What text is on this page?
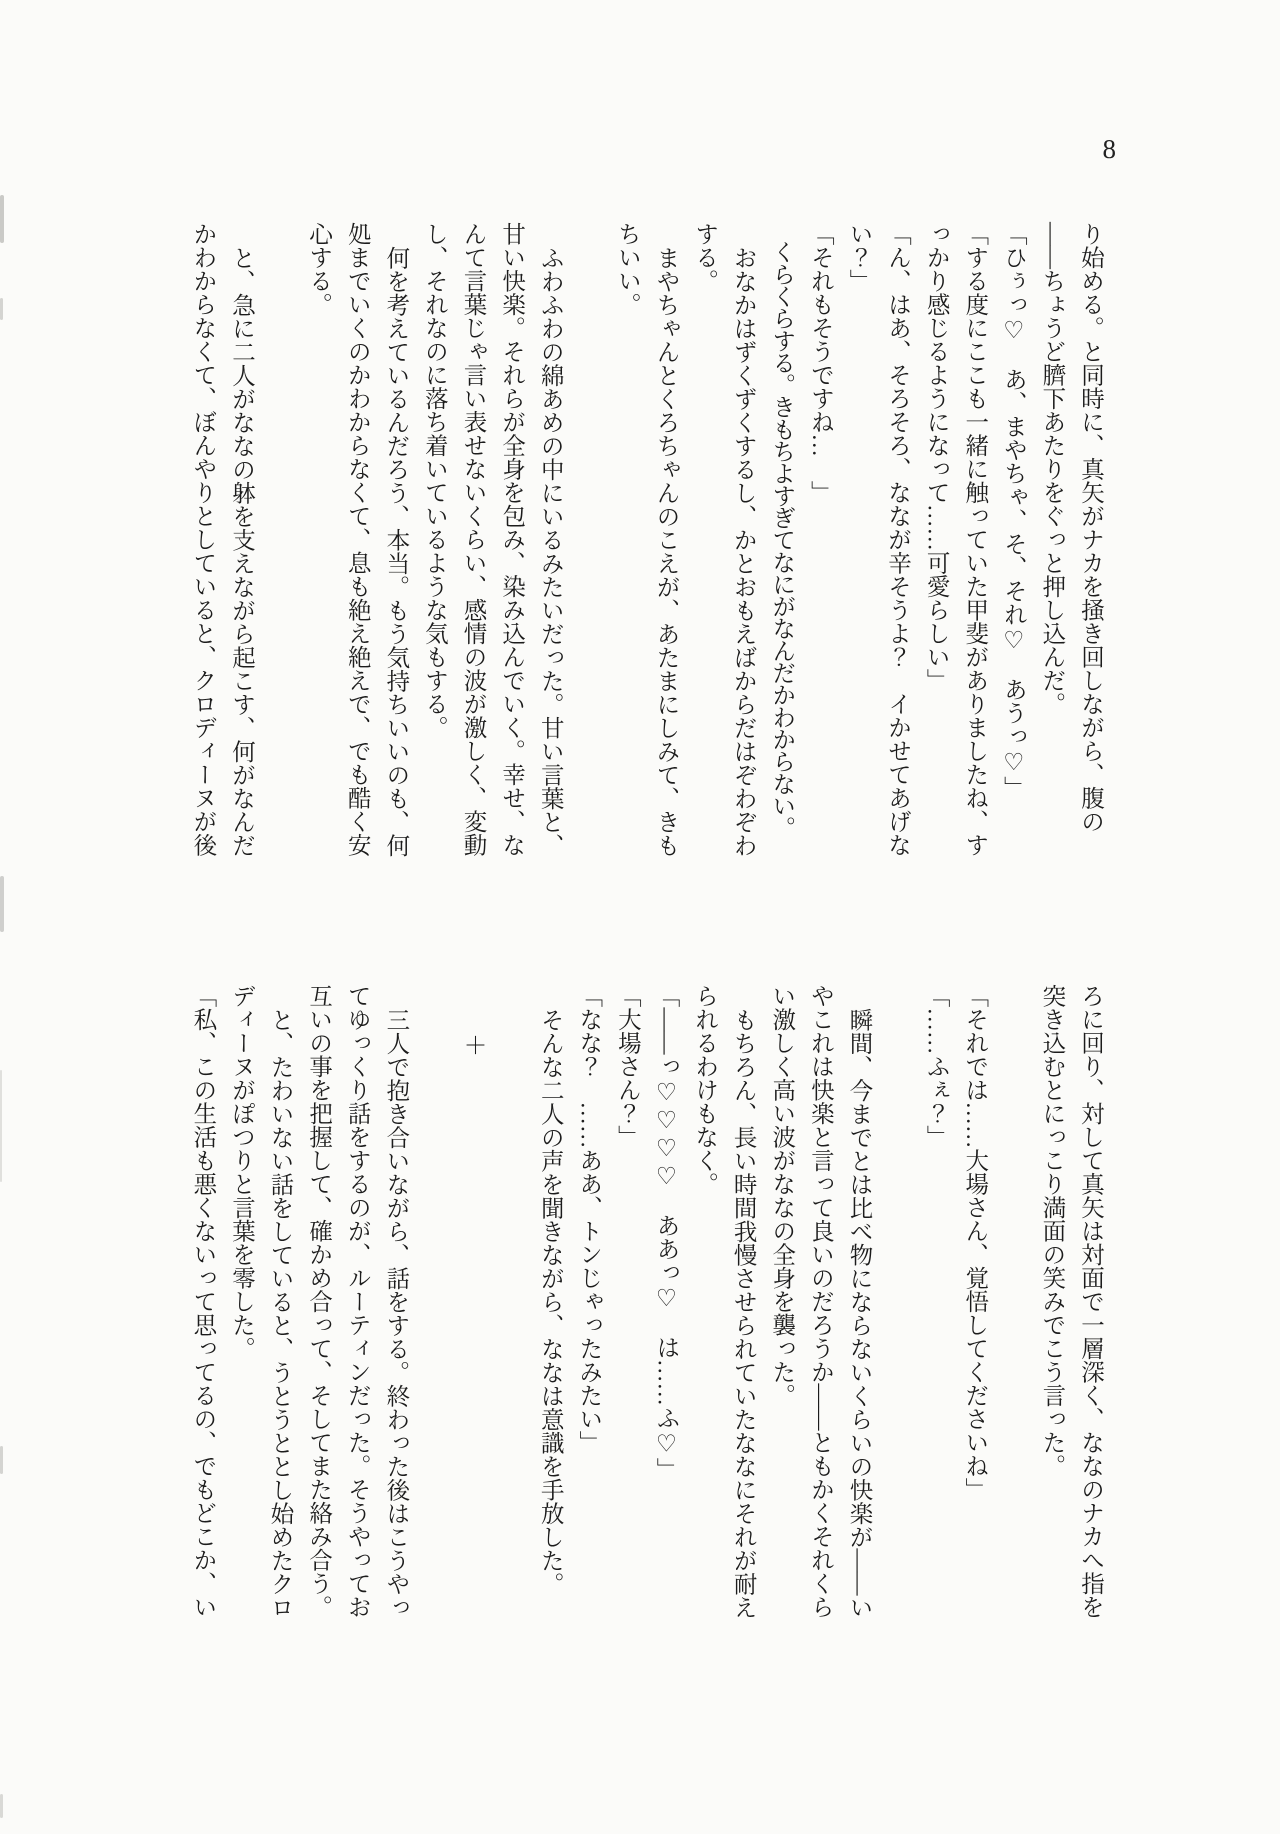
8

り始める。と同時に、真矢がナカを掻き回しながら、腹の――ちょうど臍下あたりをぐっと押し込んだ。

「ひぅっ♡　あ、まやちゃ、そ、それ♡　あうっ♡」

「する度にここも一緒に触っていた甲斐がありましたね、すっかり感じるようになって……可愛らしい」

「ん、はあ、そろそろ、ななが辛そうよ？　イかせてあげない？」

「それもそうですね…　」

くらくらする。きもちよすぎてなにがなんだかわからない。

おなかはずくずくするし、かとおもえばからだはぞわぞわする。

まやちゃんとくろちゃんのこえが、あたまにしみて、きもちいい。

ふわふわの綿あめの中にいるみたいだった。甘い言葉と、甘い快楽。それらが全身を包み、染み込んでいく。幸せ、なんて言葉じゃ言い表せないくらい、感情の波が激しく、変動し、それなのに落ち着いているような気もする。

何を考えているんだろう、本当。もう気持ちいいのも、何処までいくのかわからなくて、息も絶え絶えで、でも酷く安心する。

と、急に二人がななの躰を支えながら起こす、何がなんだかわからなくて、ぼんやりとしていると、クロディーヌが後

ろに回り、対して真矢は対面で一層深く、ななのナカへ指を突き込むとにっこり満面の笑みでこう言った。

「それでは……大場さん、覚悟してくださいね」

「……ふぇ？」

瞬間、今までとは比べ物にならないくらいの快楽が――いやこれは快楽と言って良いのだろうか――ともかくそれくらい激しく高い波がななの全身を襲った。

もちろん、長い時間我慢させられていたななにそれが耐えられるわけもなく。

「――っ♡♡♡♡　ああっ♡　は……ふ♡」

「大場さん？」

「なな？　……ああ、トンじゃったみたい」

そんな二人の声を聞きながら、ななは意識を手放した。

＋

三人で抱き合いながら、話をする。終わった後はこうやってゆっくり話をするのが、ルーティンだった。そうやってお互いの事を把握して、確かめ合って、そしてまた絡み合う。

と、たわいない話をしていると、うとうととし始めたクロディーヌがぽつりと言葉を零した。

「私、この生活も悪くないって思ってるの、でもどこか、い
